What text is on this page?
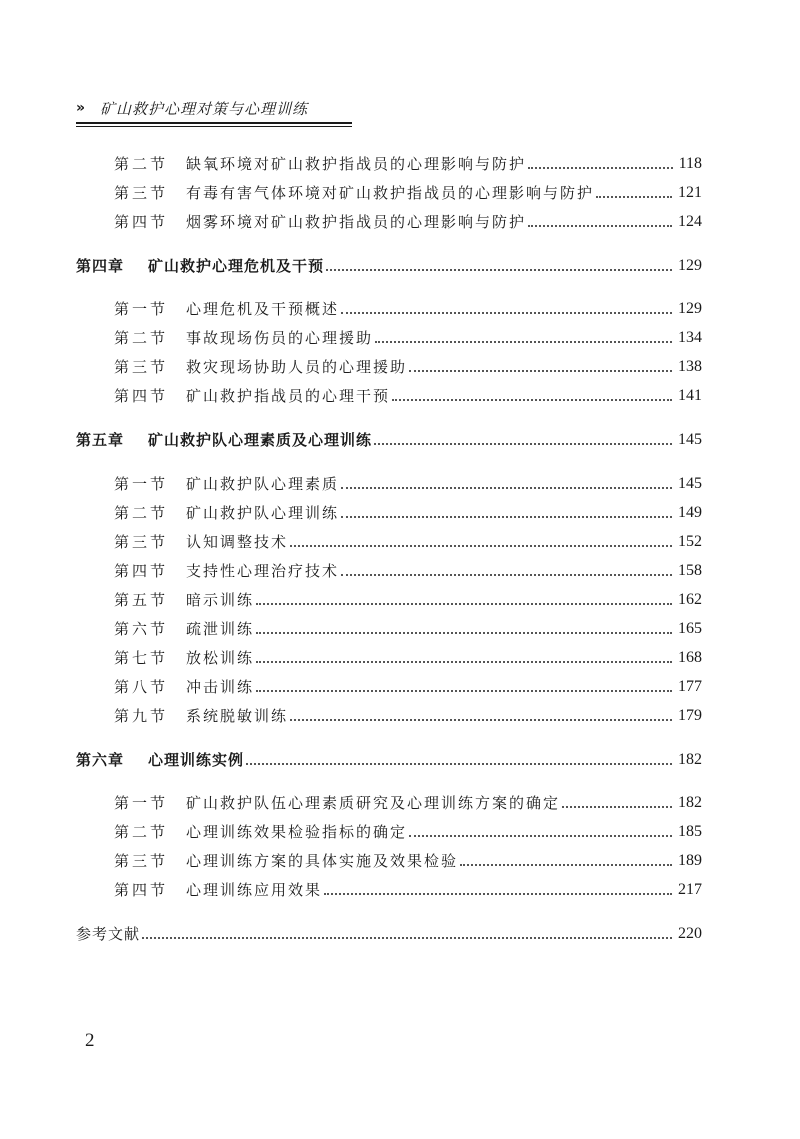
» 矿山救护心理对策与心理训练
第二节 缺氧环境对矿山救护指战员的心理影响与防护	118
第三节 有毒有害气体环境对矿山救护指战员的心理影响与防护	121
第四节 烟雾环境对矿山救护指战员的心理影响与防护	124
第四章 矿山救护心理危机及干预	129
第一节 心理危机及干预概述	129
第二节 事故现场伤员的心理援助	134
第三节 救灾现场协助人员的心理援助	138
第四节 矿山救护指战员的心理干预	141
第五章 矿山救护队心理素质及心理训练	145
第一节 矿山救护队心理素质	145
第二节 矿山救护队心理训练	149
第三节 认知调整技术	152
第四节 支持性心理治疗技术	158
第五节 暗示训练	162
第六节 疏泄训练	165
第七节 放松训练	168
第八节 冲击训练	177
第九节 系统脱敏训练	179
第六章 心理训练实例	182
第一节 矿山救护队伍心理素质研究及心理训练方案的确定	182
第二节 心理训练效果检验指标的确定	185
第三节 心理训练方案的具体实施及效果检验	189
第四节 心理训练应用效果	217
参考文献	220
2
